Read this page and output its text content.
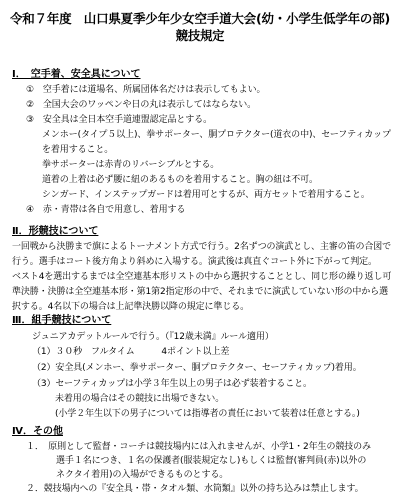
令和７年度　山口県夏季少年少女空手道大会(幼・小学生低学年の部)
競技規定
Ⅰ．　空手着、安全具について
①　空手着には道場名、所属団体名だけは表示してもよい。
②　全国大会のワッペンや日の丸は表示してはならない。
③　安全具は全日本空手道連盟認定品とする。
メンホー(タイプ５以上)、拳サポーター、胴プロテクター(道衣の中)、セーフティカップ
を着用すること。
拳サポーターは赤青のリバーシブルとする。
道着の上着は必ず腰に紐のあるものを着用すること。胸の紐は不可。
シンガード、インステップガードは着用可とするが、両方セットで着用すること。
④　赤・青帯は各自で用意し、着用する
Ⅱ．形競技について
一回戦から決勝まで旗によるトーナメント方式で行う。2名ずつの演武とし、主審の笛の合図で
行う。選手はコート後方角より斜めに入場する。演武後は真直ぐコート外に下がって判定。
ベスト4を選出するまでは全空連基本形リストの中から選択することとし、同じ形の繰り返し可
準決勝・決勝は全空連基本形・第1第2指定形の中で、それまでに演武していない形の中から選
択する。4名以下の場合は上記準決勝以降の規定に準じる。
Ⅲ．組手競技について
ジュニアカデットルールで行う。（『12歳未満』ルール適用）
（1）３０秒　フルタイム　　　4ポイント以上差
（2）安全具(メンホー、拳サポーター、胴プロテクター、セーフティカップ)着用。
（3）セーフティカップは小学３年生以上の男子は必ず装着すること。
未着用の場合はその競技に出場できない。
(小学２年生以下の男子については指導者の責任において装着は任意とする。)
Ⅳ．その他
１．　原則として監督・コーチは競技場内には入れませんが、小学1・2年生の競技のみ
選手１名につき、１名の保護者(服装規定なし)もしくは監督(審判員(赤)以外の
ネクタイ着用)の入場ができるものとする。
２．競技場内への『安全具・帯・タオル類、水筒類』以外の持ち込みは禁止します。
